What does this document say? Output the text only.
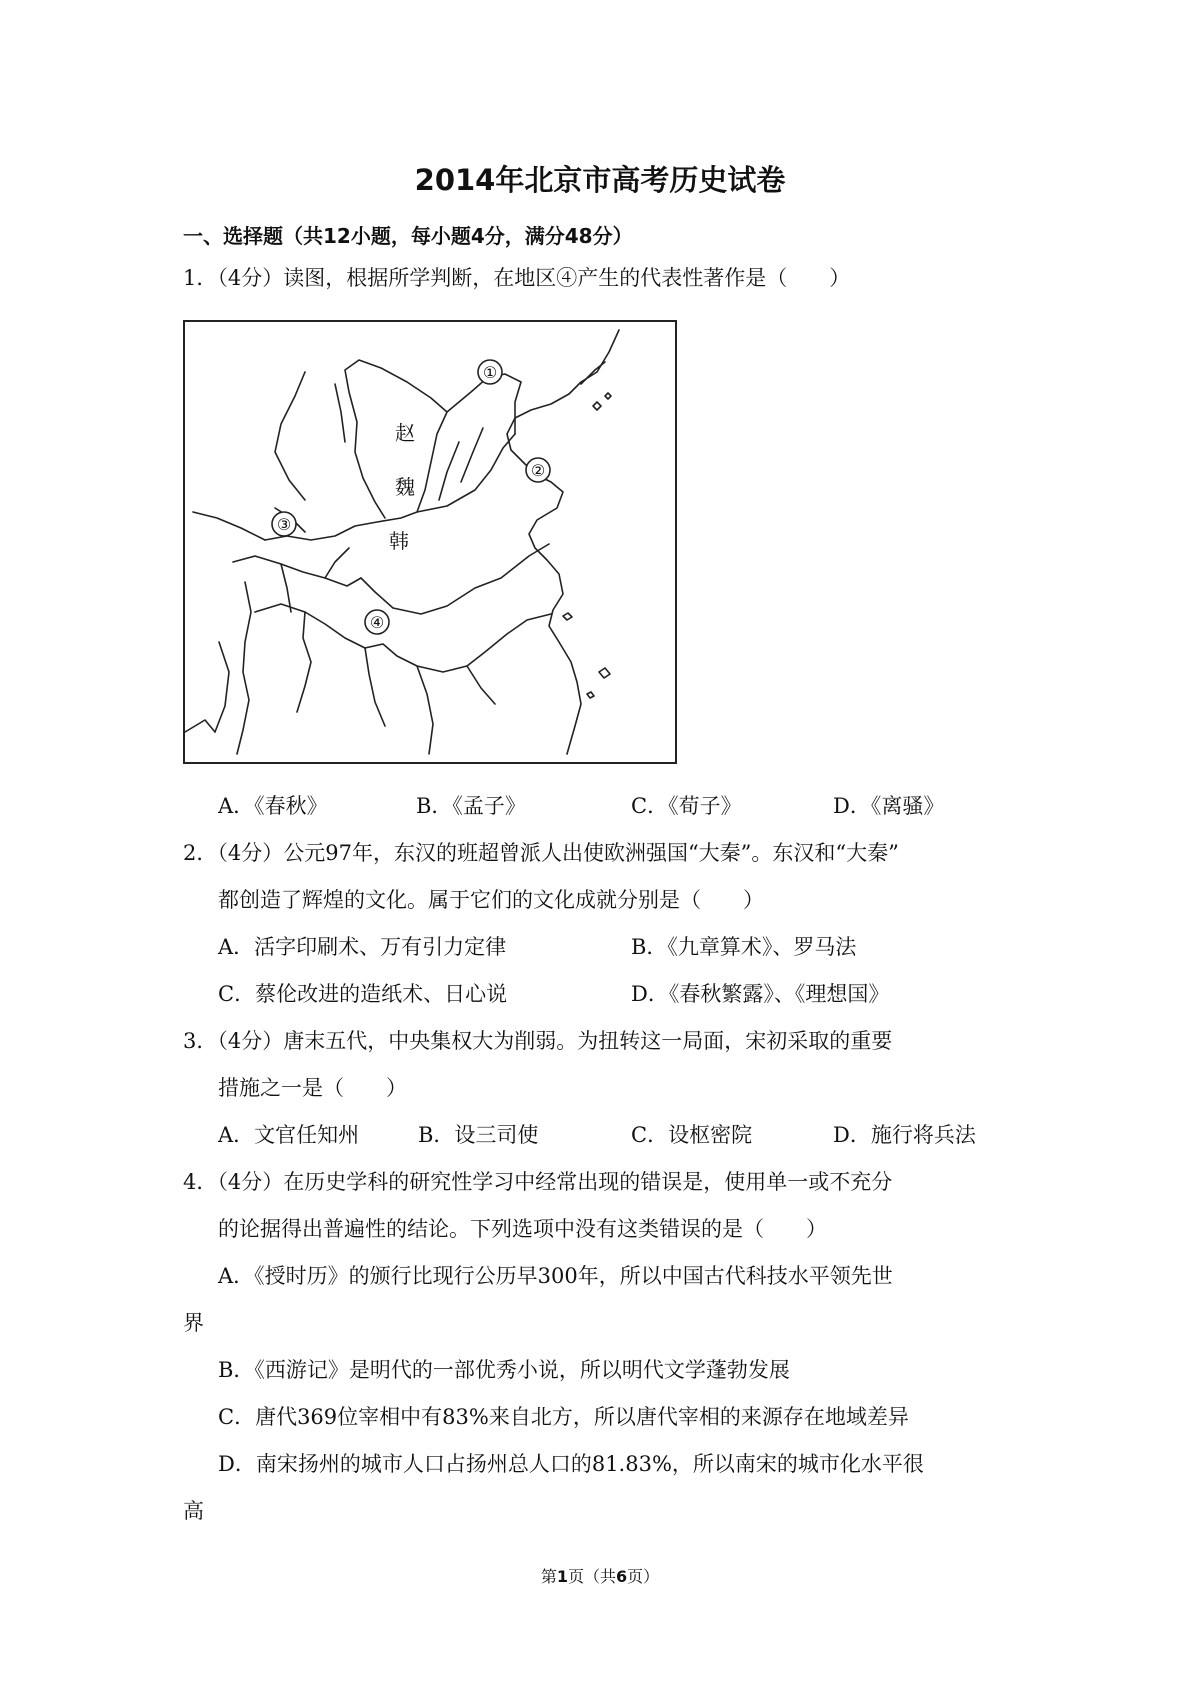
2014年北京市高考历史试卷
一、选择题（共12小题，每小题4分，满分48分）
1．（4分）读图，根据所学判断，在地区④产生的代表性著作是（　　）
①
②
③
④
赵
魏
韩
A．《春秋》	B．《孟子》	C．《荀子》	D．《离骚》
2．（4分）公元97年，东汉的班超曾派人出使欧洲强国“大秦”。东汉和“大秦”
都创造了辉煌的文化。属于它们的文化成就分别是（　　）
A．活字印刷术、万有引力定律	B．《九章算术》、罗马法
C．蔡伦改进的造纸术、日心说	D．《春秋繁露》、《理想国》
3．（4分）唐末五代，中央集权大为削弱。为扭转这一局面，宋初采取的重要
措施之一是（　　）
A．文官任知州	B．设三司使	C．设枢密院	D．施行将兵法
4．（4分）在历史学科的研究性学习中经常出现的错误是，使用单一或不充分
的论据得出普遍性的结论。下列选项中没有这类错误的是（　　）
A．《授时历》的颁行比现行公历早300年，所以中国古代科技水平领先世
界
B．《西游记》是明代的一部优秀小说，所以明代文学蓬勃发展
C．唐代369位宰相中有83%来自北方，所以唐代宰相的来源存在地域差异
D．南宋扬州的城市人口占扬州总人口的81.83%，所以南宋的城市化水平很
高
第1页（共6页）
